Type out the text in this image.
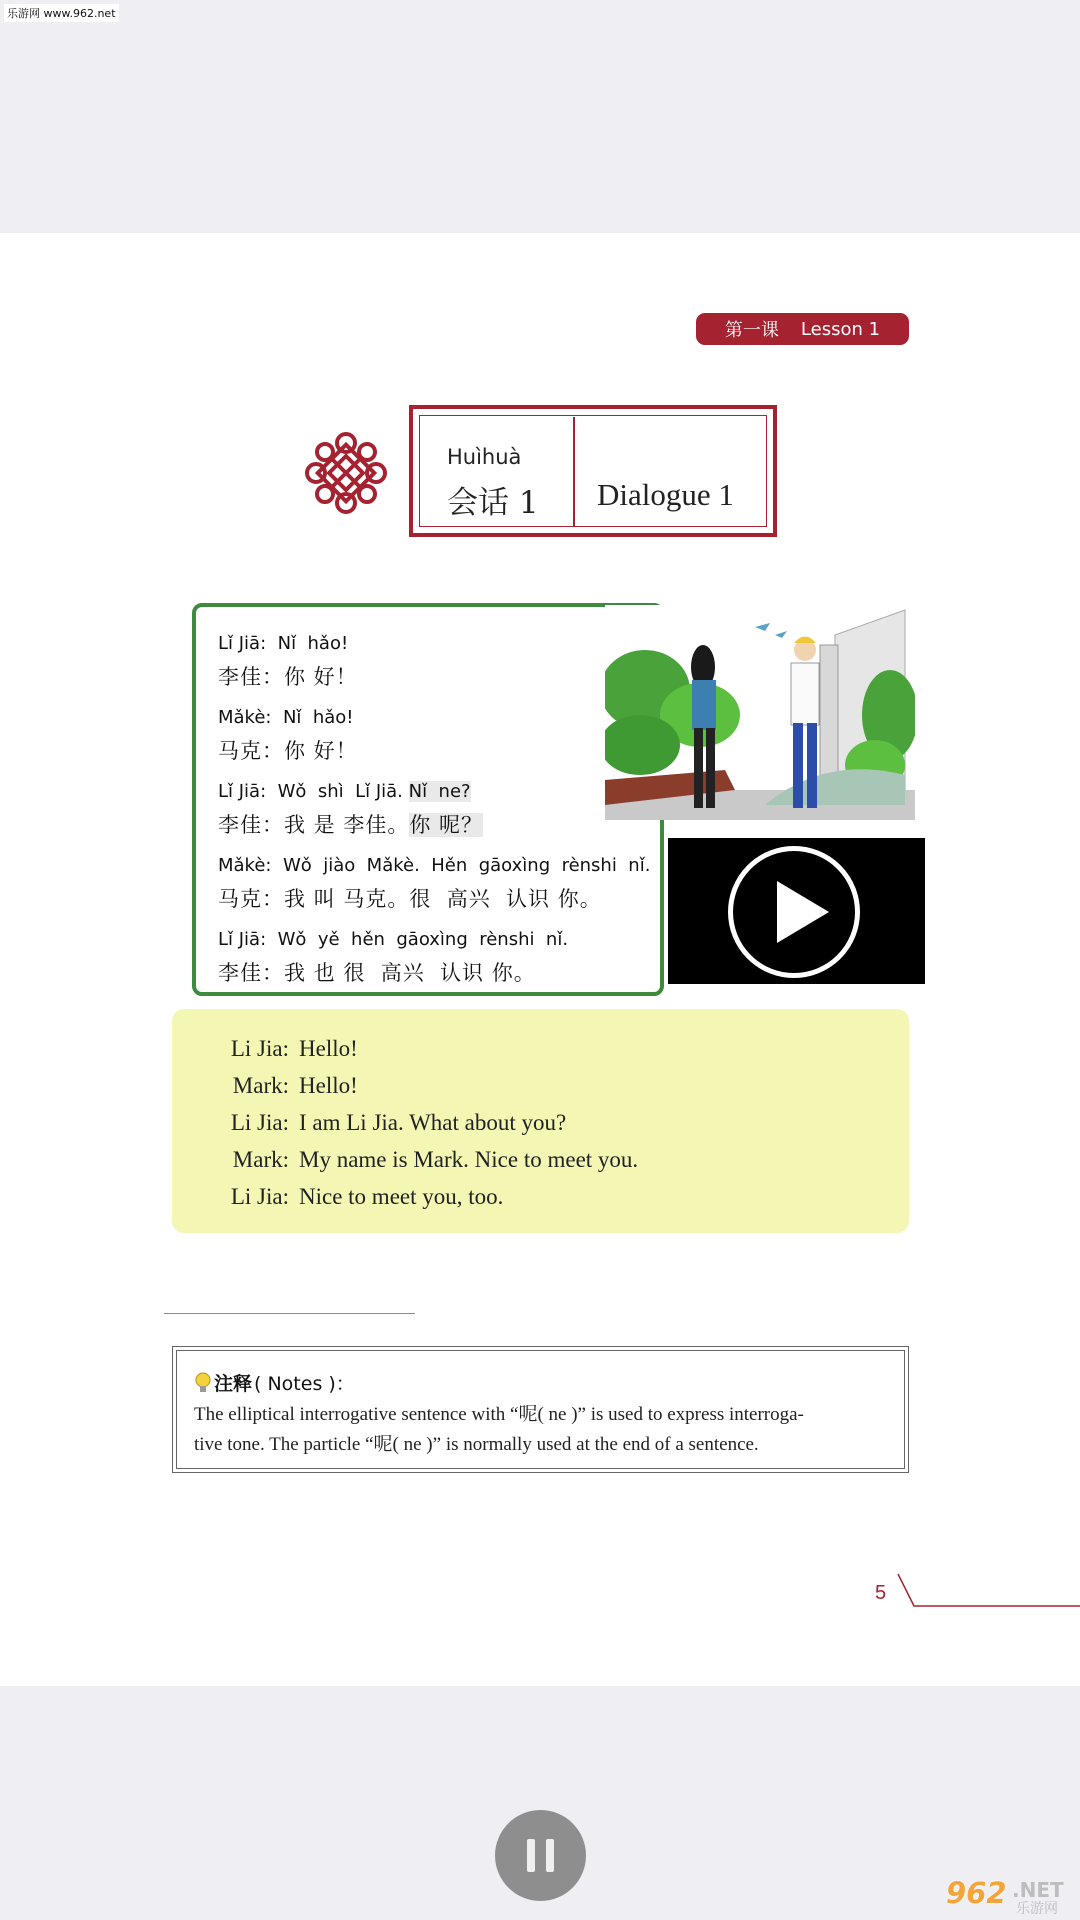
乐游网 www.962.net
第一课 Lesson 1
Huìhuà
会话 1 Dialogue 1
Lǐ Jiā: Nǐ  hǎo!
李佳：你 好！
Mǎkè: Nǐ  hǎo!
马克：你 好！
Lǐ Jiā: Wǒ  shì  Lǐ Jiā. Nǐ  ne?
李佳：我 是 李佳。你 呢？
Mǎkè: Wǒ  jiào  Mǎkè.  Hěn  gāoxìng  rènshi  nǐ.
马克：我 叫 马克。很  高兴  认识 你。
Lǐ Jiā: Wǒ  yě  hěn  gāoxìng  rènshi  nǐ.
李佳：我 也 很  高兴  认识 你。
Li Jia: Hello!
Mark: Hello!
Li Jia: I am Li Jia. What about you?
Mark: My name is Mark. Nice to meet you.
Li Jia: Nice to meet you, too.
注释 ( Notes )：
The elliptical interrogative sentence with “呢( ne )” is used to express interroga-
tive tone. The particle “呢( ne )” is normally used at the end of a sentence.
5
962 .NET
乐游网
